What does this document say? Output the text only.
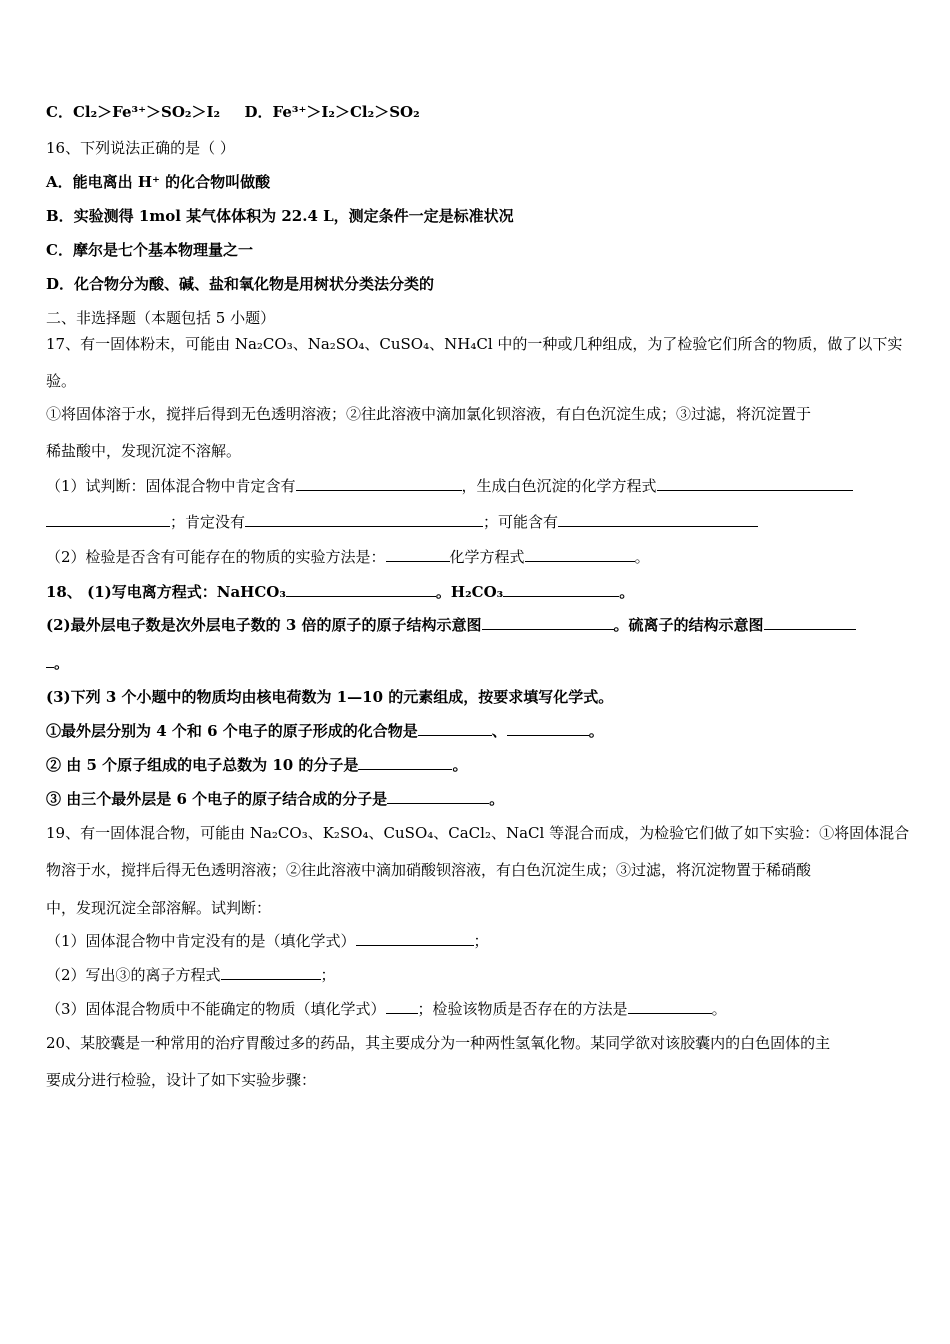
C．Cl₂＞Fe³⁺＞SO₂＞I₂ D．Fe³⁺＞I₂＞Cl₂＞SO₂
16、下列说法正确的是（ ）
A．能电离出 H⁺ 的化合物叫做酸
B．实验测得 1mol 某气体体积为 22.4 L，测定条件一定是标准状况
C．摩尔是七个基本物理量之一
D．化合物分为酸、碱、盐和氧化物是用树状分类法分类的
二、非选择题（本题包括 5 小题）
17、有一固体粉末，可能由 Na₂CO₃、Na₂SO₄、CuSO₄、NH₄Cl 中的一种或几种组成，为了检验它们所含的物质，做了以下实
验。
①将固体溶于水，搅拌后得到无色透明溶液；②往此溶液中滴加氯化钡溶液，有白色沉淀生成；③过滤，将沉淀置于
稀盐酸中，发现沉淀不溶解。
（1）试判断：固体混合物中肯定含有	，生成白色沉淀的化学方程式
；肯定没有	；可能含有
（2）检验是否含有可能存在的物质的实验方法是：	化学方程式	。
18、 (1)写电离方程式：NaHCO₃	。H₂CO₃	。
(2)最外层电子数是次外层电子数的 3 倍的原子的原子结构示意图	。硫离子的结构示意图
。
(3)下列 3 个小题中的物质均由核电荷数为 1—10 的元素组成，按要求填写化学式。
①最外层分别为 4 个和 6 个电子的原子形成的化合物是	、	。
② 由 5 个原子组成的电子总数为 10 的分子是	。
③ 由三个最外层是 6 个电子的原子结合成的分子是	。
19、有一固体混合物，可能由 Na₂CO₃、K₂SO₄、CuSO₄、CaCl₂、NaCl 等混合而成，为检验它们做了如下实验：①将固体混合
物溶于水，搅拌后得无色透明溶液；②往此溶液中滴加硝酸钡溶液，有白色沉淀生成；③过滤，将沉淀物置于稀硝酸
中，发现沉淀全部溶解。试判断：
（1）固体混合物中肯定没有的是（填化学式）	；
（2）写出③的离子方程式	；
（3）固体混合物质中不能确定的物质（填化学式） ；检验该物质是否存在的方法是	。
20、某胶囊是一种常用的治疗胃酸过多的药品，其主要成分为一种两性氢氧化物。某同学欲对该胶囊内的白色固体的主
要成分进行检验，设计了如下实验步骤：
